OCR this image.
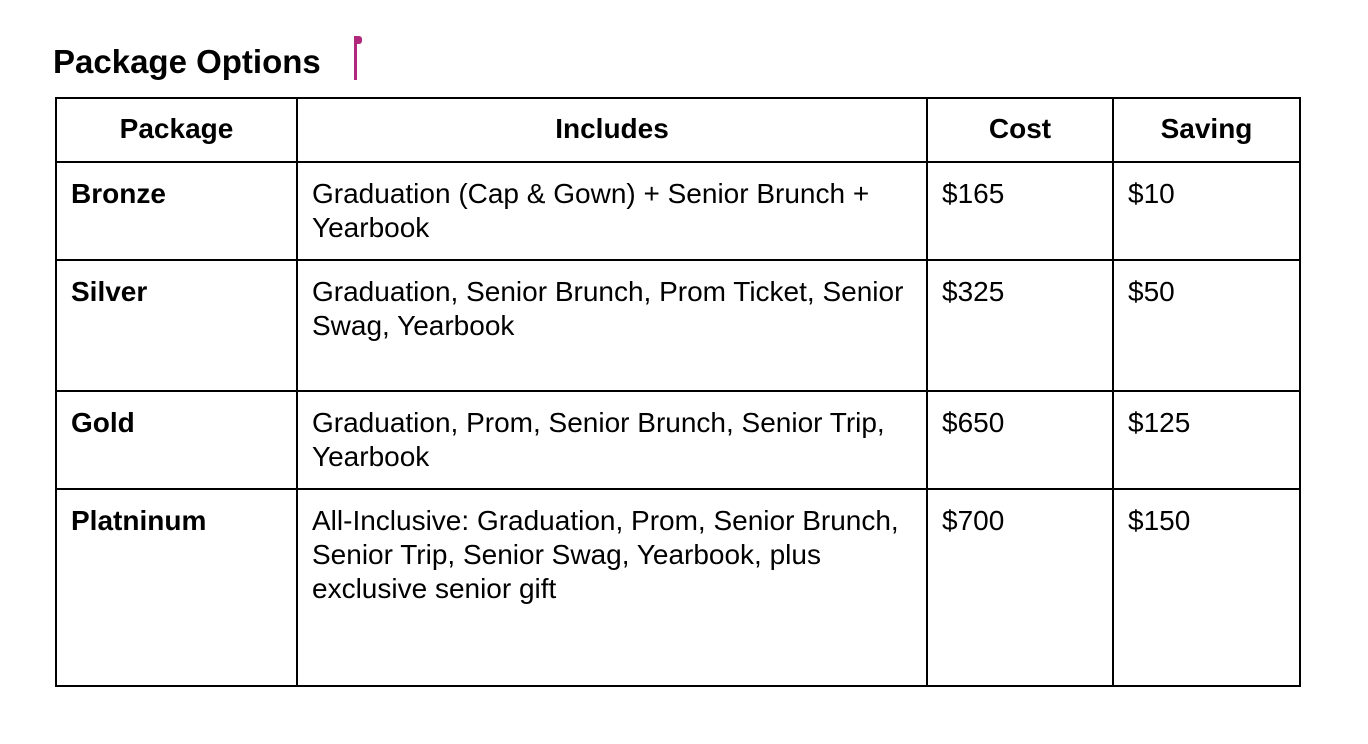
Package Options
Package	Includes	Cost	Saving
Bronze	Graduation (Cap & Gown) + Senior Brunch + Yearbook	$165	$10
Silver	Graduation, Senior Brunch, Prom Ticket, Senior Swag, Yearbook	$325	$50
Gold	Graduation, Prom, Senior Brunch, Senior Trip, Yearbook	$650	$125
Platninum	All-Inclusive: Graduation, Prom, Senior Brunch, Senior Trip, Senior Swag, Yearbook, plus exclusive senior gift	$700	$150
